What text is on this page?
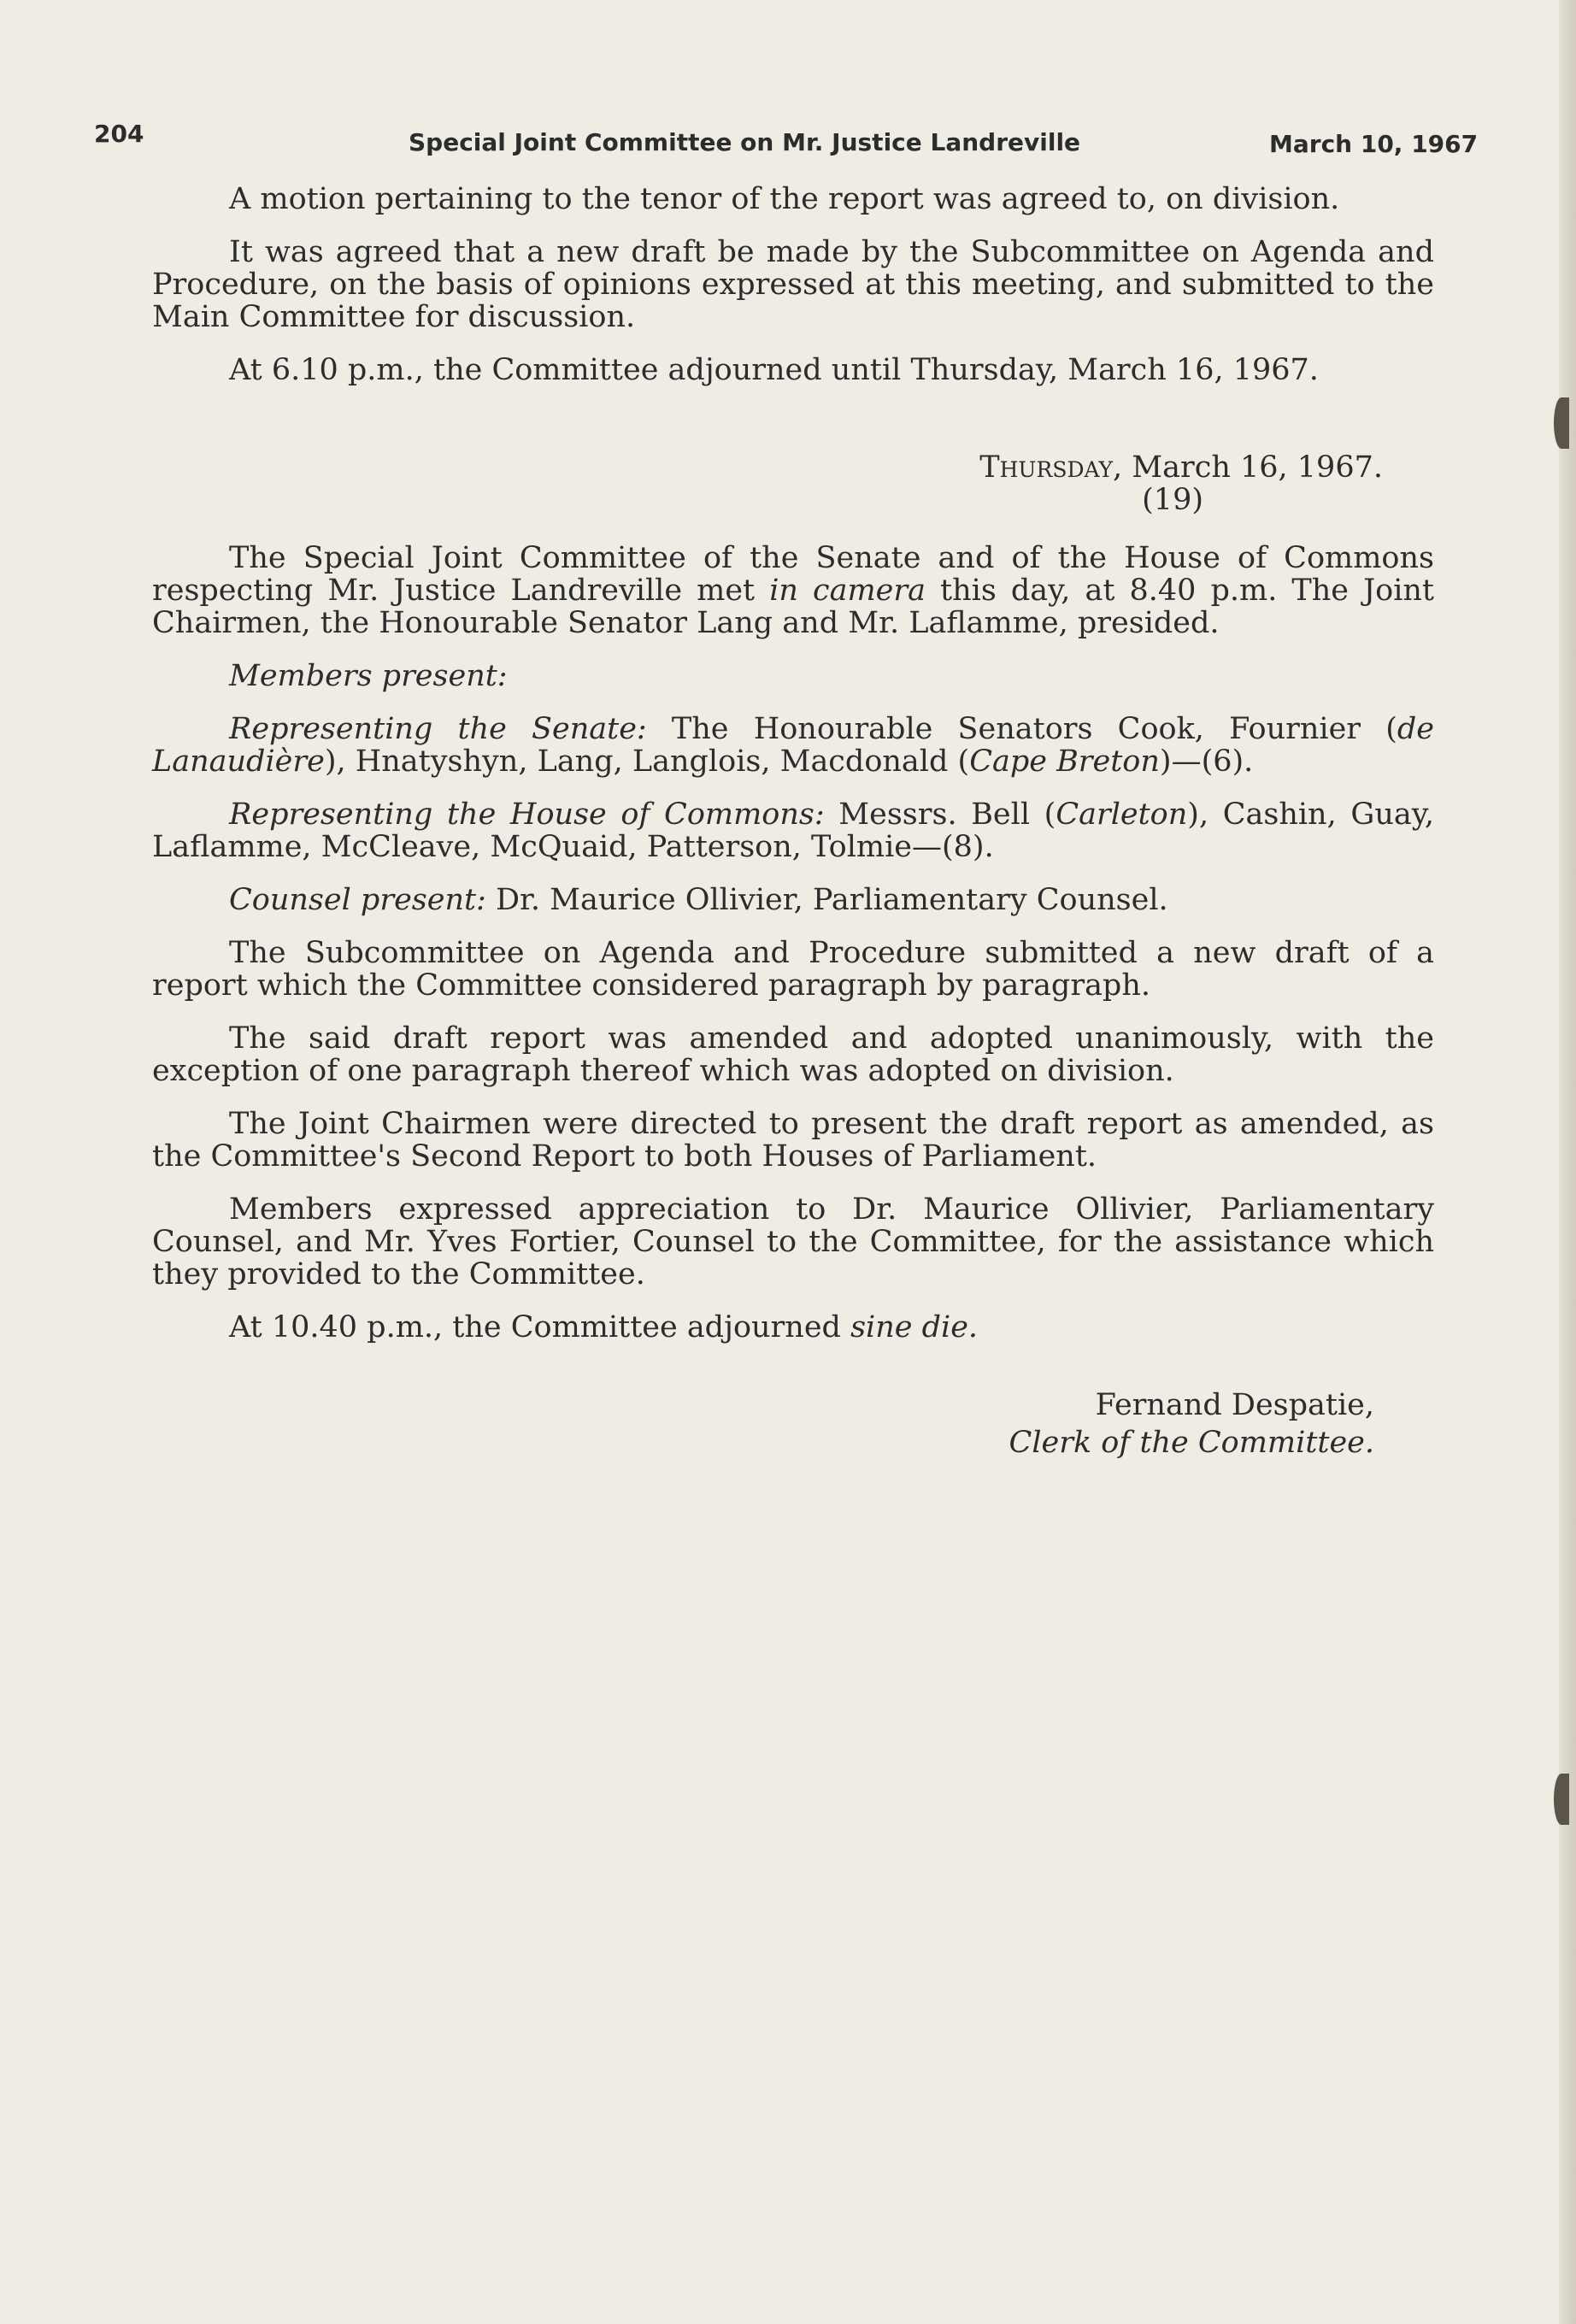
204	Special Joint Committee on Mr. Justice Landreville	March 10, 1967

A motion pertaining to the tenor of the report was agreed to, on division.

It was agreed that a new draft be made by the Subcommittee on Agenda and Procedure, on the basis of opinions expressed at this meeting, and submitted to the Main Committee for discussion.

At 6.10 p.m., the Committee adjourned until Thursday, March 16, 1967.

Thursday, March 16, 1967.
(19)

The Special Joint Committee of the Senate and of the House of Commons respecting Mr. Justice Landreville met in camera this day, at 8.40 p.m. The Joint Chairmen, the Honourable Senator Lang and Mr. Laflamme, presided.

Members present:

Representing the Senate: The Honourable Senators Cook, Fournier (de Lanaudière), Hnatyshyn, Lang, Langlois, Macdonald (Cape Breton)—(6).

Representing the House of Commons: Messrs. Bell (Carleton), Cashin, Guay, Laflamme, McCleave, McQuaid, Patterson, Tolmie—(8).

Counsel present: Dr. Maurice Ollivier, Parliamentary Counsel.

The Subcommittee on Agenda and Procedure submitted a new draft of a report which the Committee considered paragraph by paragraph.

The said draft report was amended and adopted unanimously, with the exception of one paragraph thereof which was adopted on division.

The Joint Chairmen were directed to present the draft report as amended, as the Committee's Second Report to both Houses of Parliament.

Members expressed appreciation to Dr. Maurice Ollivier, Parliamentary Counsel, and Mr. Yves Fortier, Counsel to the Committee, for the assistance which they provided to the Committee.

At 10.40 p.m., the Committee adjourned sine die.

Fernand Despatie,
Clerk of the Committee.
